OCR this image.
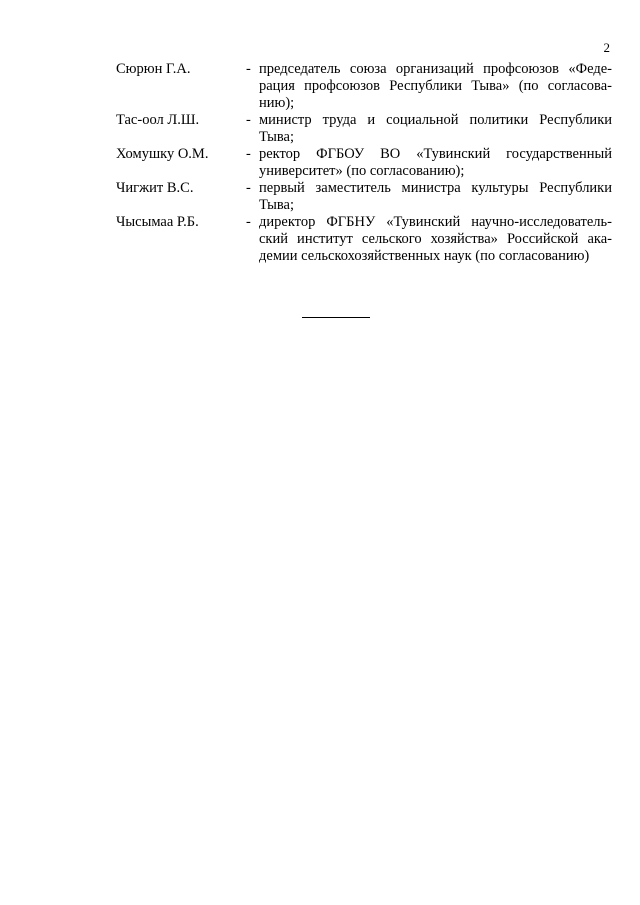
2
Сюрюн Г.А.	- председатель союза организаций профсоюзов «Федерация профсоюзов Республики Тыва» (по согласованию);
Тас-оол Л.Ш.	- министр труда и социальной политики Республики Тыва;
Хомушку О.М.	- ректор ФГБОУ ВО «Тувинский государственный университет» (по согласованию);
Чигжит В.С.	- первый заместитель министра культуры Республики Тыва;
Чысымаа Р.Б.	- директор ФГБНУ «Тувинский научно-исследовательский институт сельского хозяйства» Российской академии сельскохозяйственных наук (по согласованию)
